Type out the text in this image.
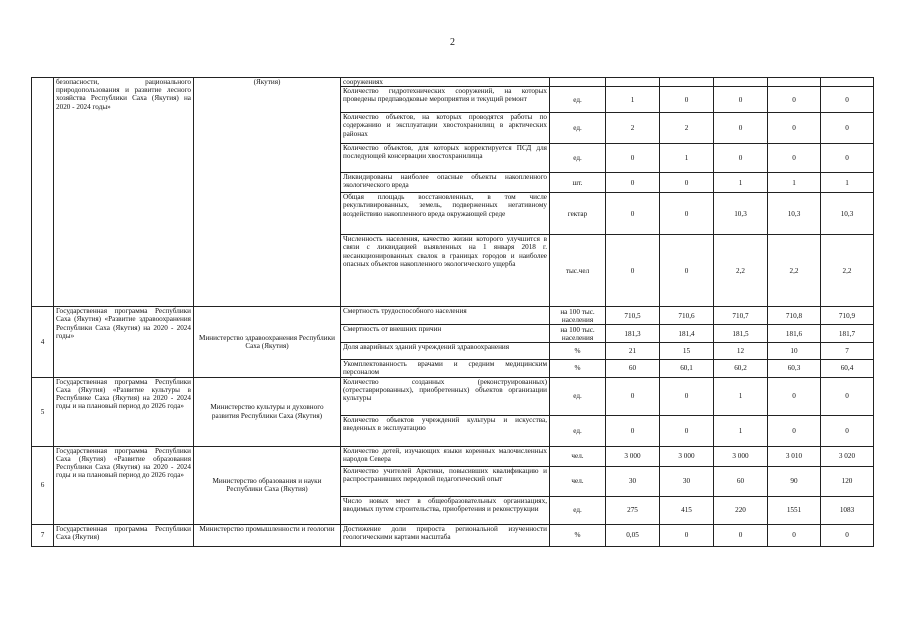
2
	безопасности, рационального природопользования и развитие лесного хозяйства Республики Саха (Якутия) на 2020 - 2024 годы»	(Якутия)	сооружениях						
			Количество гидротехнических сооружений, на которых проведены предпаводковые мероприятия и текущий ремонт	ед.	1	0	0	0	0
			Количество объектов, на которых проводятся работы по содержанию и эксплуатации хвостохранилищ в арктических районах	ед.	2	2	0	0	0
			Количество объектов, для которых корректируется ПСД для последующей консервации хвостохранилища	ед.	0	1	0	0	0
			Ликвидированы наиболее опасные объекты накопленного экологического вреда	шт.	0	0	1	1	1
			Общая площадь восстановленных, в том числе рекультивированных, земель, подверженных негативному воздействию накопленного вреда окружающей среде	гектар	0	0	10,3	10,3	10,3
			Численность населения, качество жизни которого улучшится в связи с ликвидацией выявленных на 1 января 2018 г. несанкционированных свалок в границах городов и наиболее опасных объектов накопленного экологического ущерба	тыс.чел	0	0	2,2	2,2	2,2
4	Государственная программа Республики Саха (Якутия) «Развитие здравоохранения Республики Саха (Якутия) на 2020 - 2024 годы»	Министерство здравоохранения Республики Саха (Якутия)	Смертность трудоспособного населения	на 100 тыс. населения	710,5	710,6	710,7	710,8	710,9
			Смертность от внешних причин	на 100 тыс. населения	181,3	181,4	181,5	181,6	181,7
			Доля аварийных зданий учреждений здравоохранения	%	21	15	12	10	7
			Укомплектованность врачами и средним медицинским персоналом	%	60	60,1	60,2	60,3	60,4
5	Государственная программа Республики Саха (Якутия) «Развитие культуры в Республике Саха (Якутия) на 2020 - 2024 годы и на плановый период до 2026 года»	Министерство культуры и духовного развития Республики Саха (Якутия)	Количество созданных (реконструированных) (отреставрированных), приобретенных) объектов организации культуры	ед.	0	0	1	0	0
			Количество объектов учреждений культуры и искусства, введенных в эксплуатацию	ед.	0	0	1	0	0
6	Государственная программа Республики Саха (Якутия) «Развитие образования Республики Саха (Якутия) на 2020 - 2024 годы и на плановый период до 2026 года»	Министерство образования и науки Республики Саха (Якутия)	Количество детей, изучающих языки коренных малочисленных народов Севера	чел.	3 000	3 000	3 000	3 010	3 020
			Количество учителей Арктики, повысивших квалификацию и распространивших передовой педагогический опыт	чел.	30	30	60	90	120
			Число новых мест в общеобразовательных организациях, вводимых путем строительства, приобретения и реконструкции	ед.	275	415	220	1551	1083
7	Государственная программа Республики Саха (Якутия)	Министерство промышленности и геологии	Достижение доли прироста региональной изученности геологическими картами масштаба	%	0,05	0	0	0	0
